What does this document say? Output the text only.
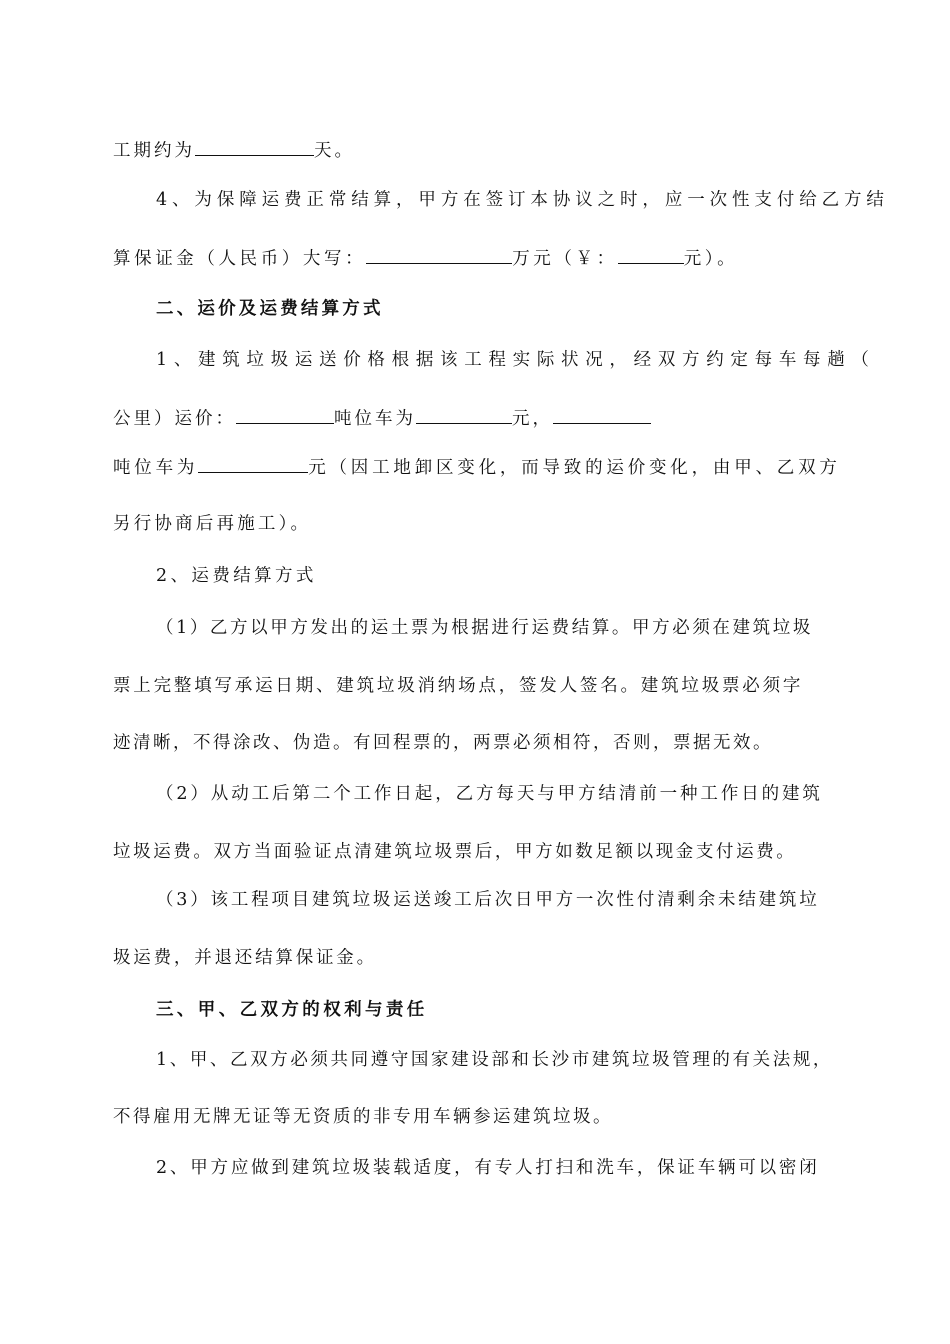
工期约为	天。
4、为保障运费正常结算，甲方在签订本协议之时，应一次性支付给乙方结
算保证金（人民币）大写：	万元（￥：	元）。
二、运价及运费结算方式
1、建筑垃圾运送价格根据该工程实际状况，经双方约定每车每趟（
公里）运价：	吨位车为	元，
吨位车为	元（因工地卸区变化，而导致的运价变化，由甲、乙双方
另行协商后再施工）。
2、运费结算方式
（1）乙方以甲方发出的运土票为根据进行运费结算。甲方必须在建筑垃圾
票上完整填写承运日期、建筑垃圾消纳场点，签发人签名。建筑垃圾票必须字
迹清晰，不得涂改、伪造。有回程票的，两票必须相符，否则，票据无效。
（2）从动工后第二个工作日起，乙方每天与甲方结清前一种工作日的建筑
垃圾运费。双方当面验证点清建筑垃圾票后，甲方如数足额以现金支付运费。
（3）该工程项目建筑垃圾运送竣工后次日甲方一次性付清剩余未结建筑垃
圾运费，并退还结算保证金。
三、甲、乙双方的权利与责任
1、甲、乙双方必须共同遵守国家建设部和长沙市建筑垃圾管理的有关法规，
不得雇用无牌无证等无资质的非专用车辆参运建筑垃圾。
2、甲方应做到建筑垃圾装载适度，有专人打扫和洗车，保证车辆可以密闭
